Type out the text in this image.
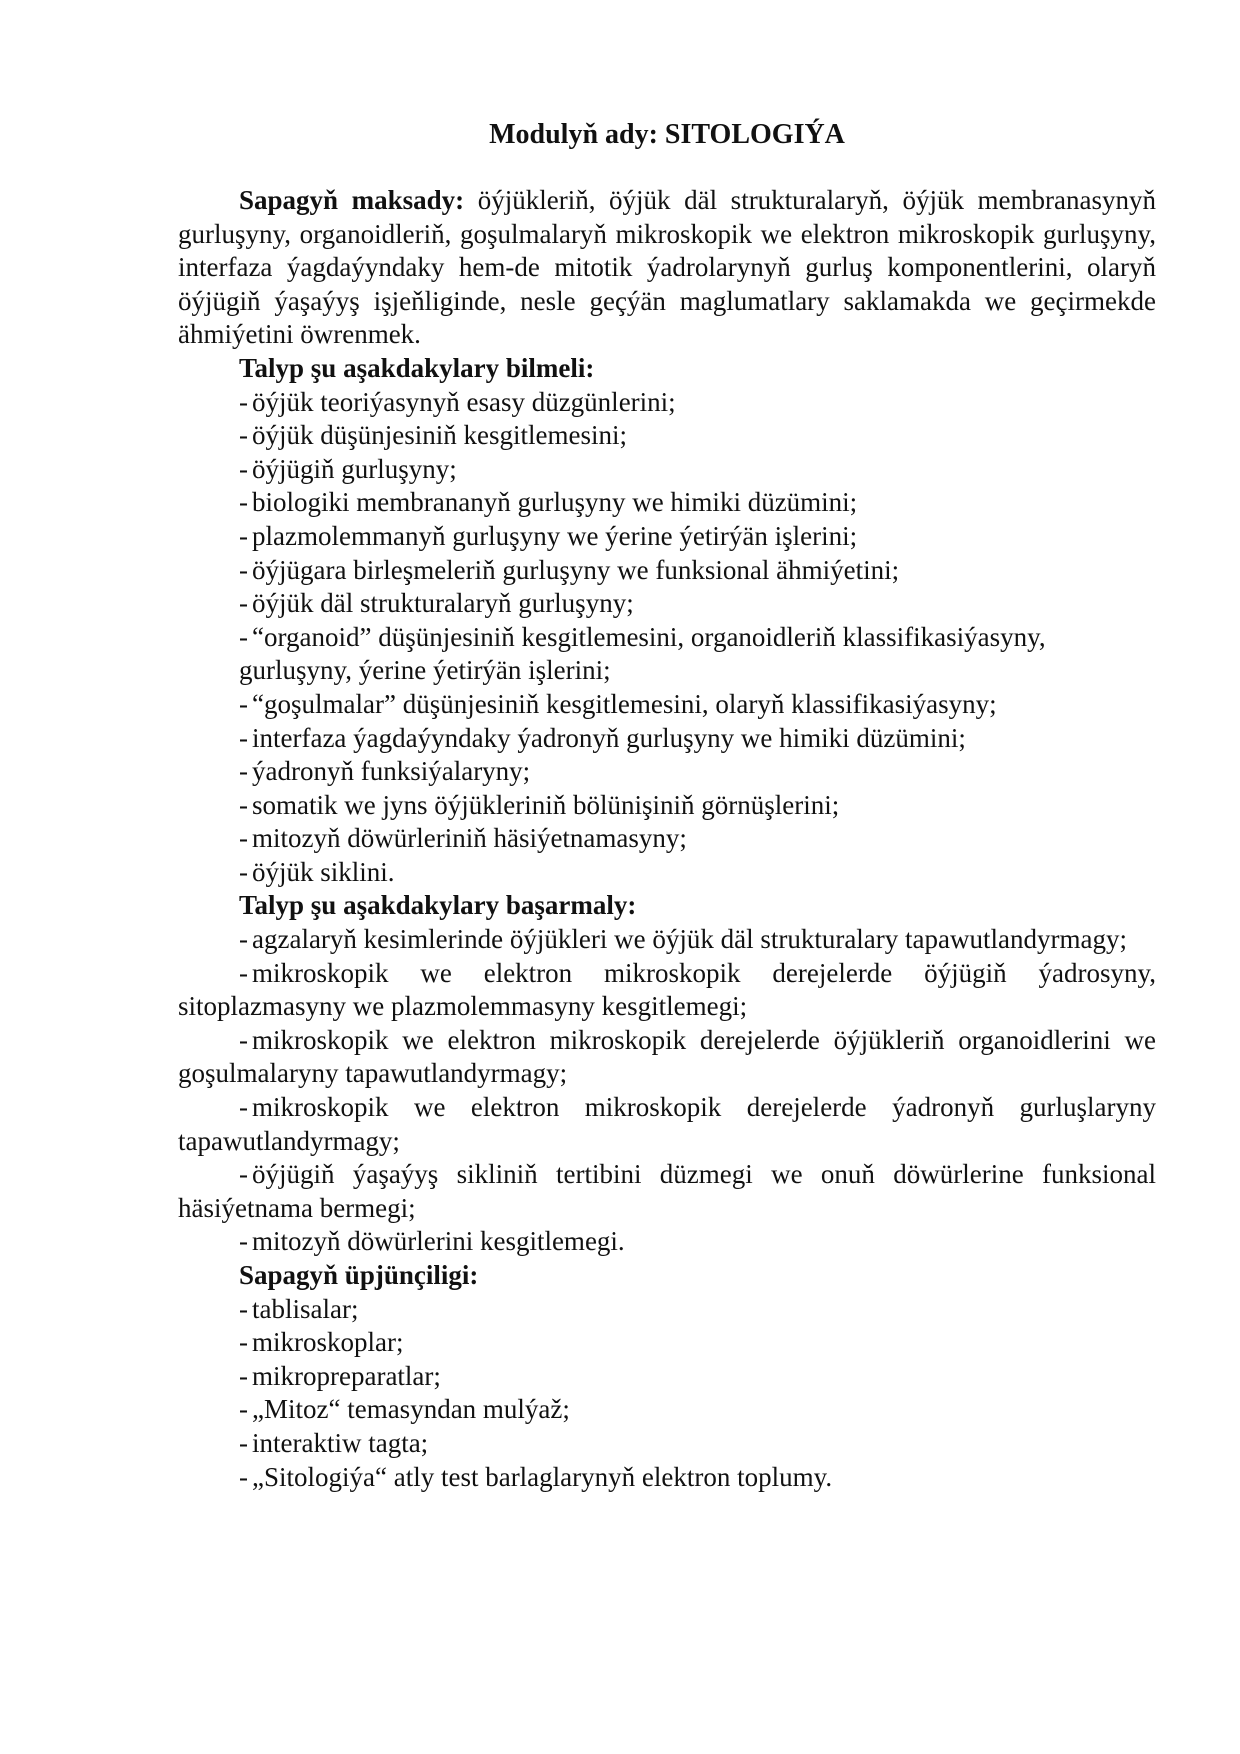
Modulyň ady: SITOLOGIÝA

Sapagyň maksady: öýjükleriň, öýjük däl strukturalaryň, öýjük membranasynyň gurluşyny, organoidleriň, goşulmalaryň mikroskopik we elektron mikroskopik gurluşyny, interfaza ýagdaýyndaky hem-de mitotik ýadrolarynyň gurluş komponentlerini, olaryň öýjügiň ýaşaýyş işjeňliginde, nesle geçýän maglumatlary saklamakda we geçirmekde ähmiýetini öwrenmek.

Talyp şu aşakdakylary bilmeli:

- öýjük teoriýasynyň esasy düzgünlerini;

- öýjük düşünjesiniň kesgitlemesini;

- öýjügiň gurluşyny;

- biologiki membrananyň gurluşyny we himiki düzümini;

- plazmolemmanyň gurluşyny we ýerine ýetirýän işlerini;

- öýjügara birleşmeleriň gurluşyny we funksional ähmiýetini;

- öýjük däl strukturalaryň gurluşyny;

- “organoid” düşünjesiniň kesgitlemesini, organoidleriň klassifikasiýasyny,

gurluşyny, ýerine ýetirýän işlerini;

- “goşulmalar” düşünjesiniň kesgitlemesini, olaryň klassifikasiýasyny;

- interfaza ýagdaýyndaky ýadronyň gurluşyny we himiki düzümini;

- ýadronyň funksiýalaryny;

- somatik we jyns öýjükleriniň bölünişiniň görnüşlerini;

- mitozyň döwürleriniň häsiýetnamasyny;

- öýjük siklini.

Talyp şu aşakdakylary başarmaly:

- agzalaryň kesimlerinde öýjükleri we öýjük däl strukturalary tapawutlandyrmagy;

- mikroskopik we elektron mikroskopik derejelerde öýjügiň ýadrosyny, sitoplazmasyny we plazmolemmasyny kesgitlemegi;

- mikroskopik we elektron mikroskopik derejelerde öýjükleriň organoidlerini we goşulmalaryny tapawutlandyrmagy;

- mikroskopik we elektron mikroskopik derejelerde ýadronyň gurluşlaryny tapawutlandyrmagy;

- öýjügiň ýaşaýyş sikliniň tertibini düzmegi we onuň döwürlerine funksional häsiýetnama bermegi;

- mitozyň döwürlerini kesgitlemegi.

Sapagyň üpjünçiligi:

- tablisalar;

- mikroskoplar;

- mikropreparatlar;

- „Mitoz“ temasyndan mulýaž;

- interaktiw tagta;

- „Sitologiýa“ atly test barlaglarynyň elektron toplumy.
